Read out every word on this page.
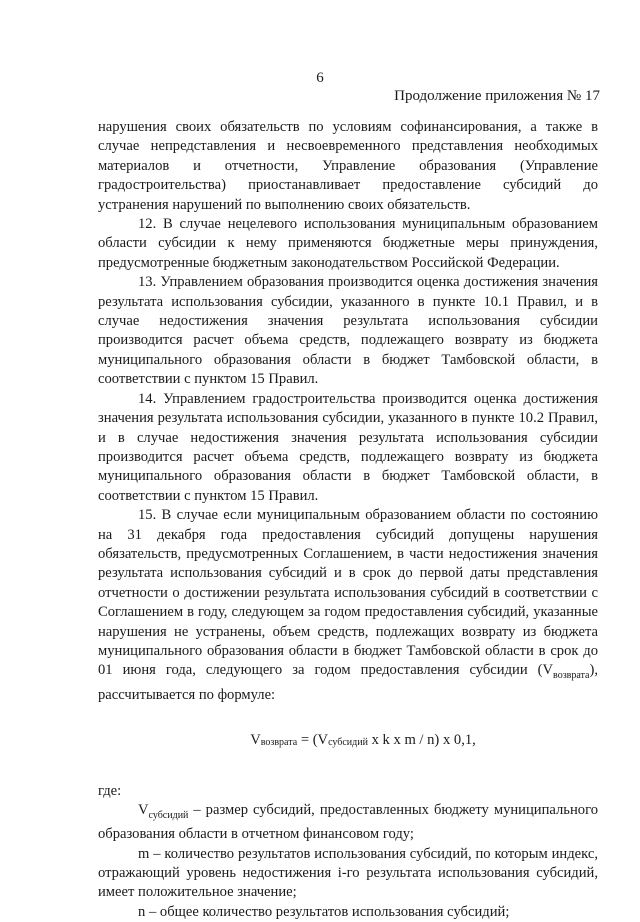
6
Продолжение приложения № 17

нарушения своих обязательств по условиям софинансирования, а также в случае непредставления и несвоевременного представления необходимых материалов и отчетности, Управление образования (Управление градостроительства) приостанавливает предоставление субсидий до устранения нарушений по выполнению своих обязательств.

12. В случае нецелевого использования муниципальным образованием области субсидии к нему применяются бюджетные меры принуждения, предусмотренные бюджетным законодательством Российской Федерации.

13. Управлением образования производится оценка достижения значения результата использования субсидии, указанного в пункте 10.1 Правил, и в случае недостижения значения результата использования субсидии производится расчет объема средств, подлежащего возврату из бюджета муниципального образования области в бюджет Тамбовской области, в соответствии с пунктом 15 Правил.

14. Управлением градостроительства производится оценка достижения значения результата использования субсидии, указанного в пункте 10.2 Правил, и в случае недостижения значения результата использования субсидии производится расчет объема средств, подлежащего возврату из бюджета муниципального образования области в бюджет Тамбовской области, в соответствии с пунктом 15 Правил.

15. В случае если муниципальным образованием области по состоянию на 31 декабря года предоставления субсидий допущены нарушения обязательств, предусмотренных Соглашением, в части недостижения значения результата использования субсидий и в срок до первой даты представления отчетности о достижении результата использования субсидий в соответствии с Соглашением в году, следующем за годом предоставления субсидий, указанные нарушения не устранены, объем средств, подлежащих возврату из бюджета муниципального образования области в бюджет Тамбовской области в срок до 01 июня года, следующего за годом предоставления субсидии $(V_{возврата})$, рассчитывается по формуле:

$V_{возврата} = (V_{субсидий}$ x k x m / n) x 0,1,

где:

$V_{субсидий}$ – размер субсидий, предоставленных бюджету муниципального образования области в отчетном финансовом году;

m – количество результатов использования субсидий, по которым индекс, отражающий уровень недостижения i-го результата использования субсидий, имеет положительное значение;

n – общее количество результатов использования субсидий;
